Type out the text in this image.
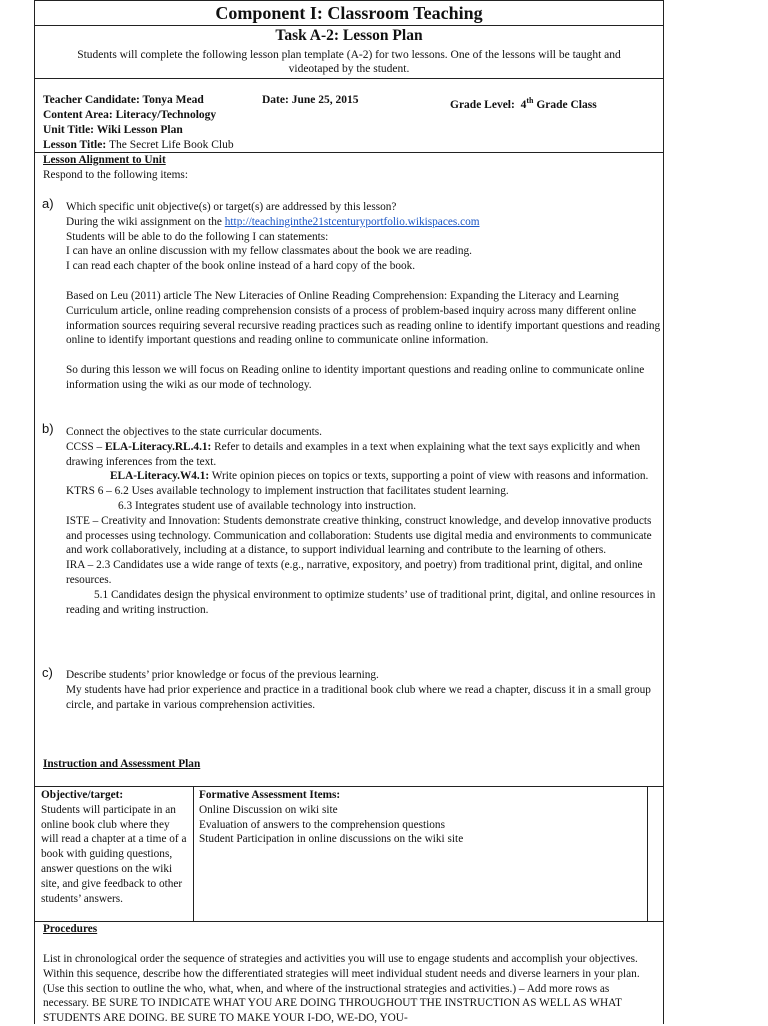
Component I: Classroom Teaching
Task A-2: Lesson Plan
Students will complete the following lesson plan template (A-2) for two lessons. One of the lessons will be taught and videotaped by the student.
Teacher Candidate: Tonya Mead	Date: June 25, 2015	Grade Level: 4th Grade Class
Content Area: Literacy/Technology
Unit Title: Wiki Lesson Plan
Lesson Title: The Secret Life Book Club
Lesson Alignment to Unit
Respond to the following items:
a) Which specific unit objective(s) or target(s) are addressed by this lesson?
During the wiki assignment on the http://teachinginthe21stcenturyportfolio.wikispaces.com
Students will be able to do the following I can statements:
I can have an online discussion with my fellow classmates about the book we are reading.
I can read each chapter of the book online instead of a hard copy of the book.
Based on Leu (2011) article The New Literacies of Online Reading Comprehension: Expanding the Literacy and Learning Curriculum article, online reading comprehension consists of a process of problem-based inquiry across many different online information sources requiring several recursive reading practices such as reading online to identify important questions and reading online to identify important questions and reading online to communicate online information.
So during this lesson we will focus on Reading online to identity important questions and reading online to communicate online information using the wiki as our mode of technology.
b) Connect the objectives to the state curricular documents.
CCSS – ELA-Literacy.RL.4.1: Refer to details and examples in a text when explaining what the text says explicitly and when drawing inferences from the text.
ELA-Literacy.W4.1: Write opinion pieces on topics or texts, supporting a point of view with reasons and information.
KTRS 6 – 6.2 Uses available technology to implement instruction that facilitates student learning.
6.3 Integrates student use of available technology into instruction.
ISTE – Creativity and Innovation: Students demonstrate creative thinking, construct knowledge, and develop innovative products and processes using technology. Communication and collaboration: Students use digital media and environments to communicate and work collaboratively, including at a distance, to support individual learning and contribute to the learning of others.
IRA – 2.3 Candidates use a wide range of texts (e.g., narrative, expository, and poetry) from traditional print, digital, and online resources.
5.1 Candidates design the physical environment to optimize students’ use of traditional print, digital, and online resources in reading and writing instruction.
c) Describe students’ prior knowledge or focus of the previous learning.
My students have had prior experience and practice in a traditional book club where we read a chapter, discuss it in a small group circle, and partake in various comprehension activities.
Instruction and Assessment Plan
Objective/target:
Students will participate in an online book club where they will read a chapter at a time of a book with guiding questions, answer questions on the wiki site, and give feedback to other students’ answers.
Formative Assessment Items:
Online Discussion on wiki site
Evaluation of answers to the comprehension questions
Student Participation in online discussions on the wiki site
Procedures
List in chronological order the sequence of strategies and activities you will use to engage students and accomplish your objectives. Within this sequence, describe how the differentiated strategies will meet individual student needs and diverse learners in your plan. (Use this section to outline the who, what, when, and where of the instructional strategies and activities.) – Add more rows as necessary. BE SURE TO INDICATE WHAT YOU ARE DOING THROUGHOUT THE INSTRUCTION AS WELL AS WHAT STUDENTS ARE DOING. BE SURE TO MAKE YOUR I-DO, WE-DO, YOU-
